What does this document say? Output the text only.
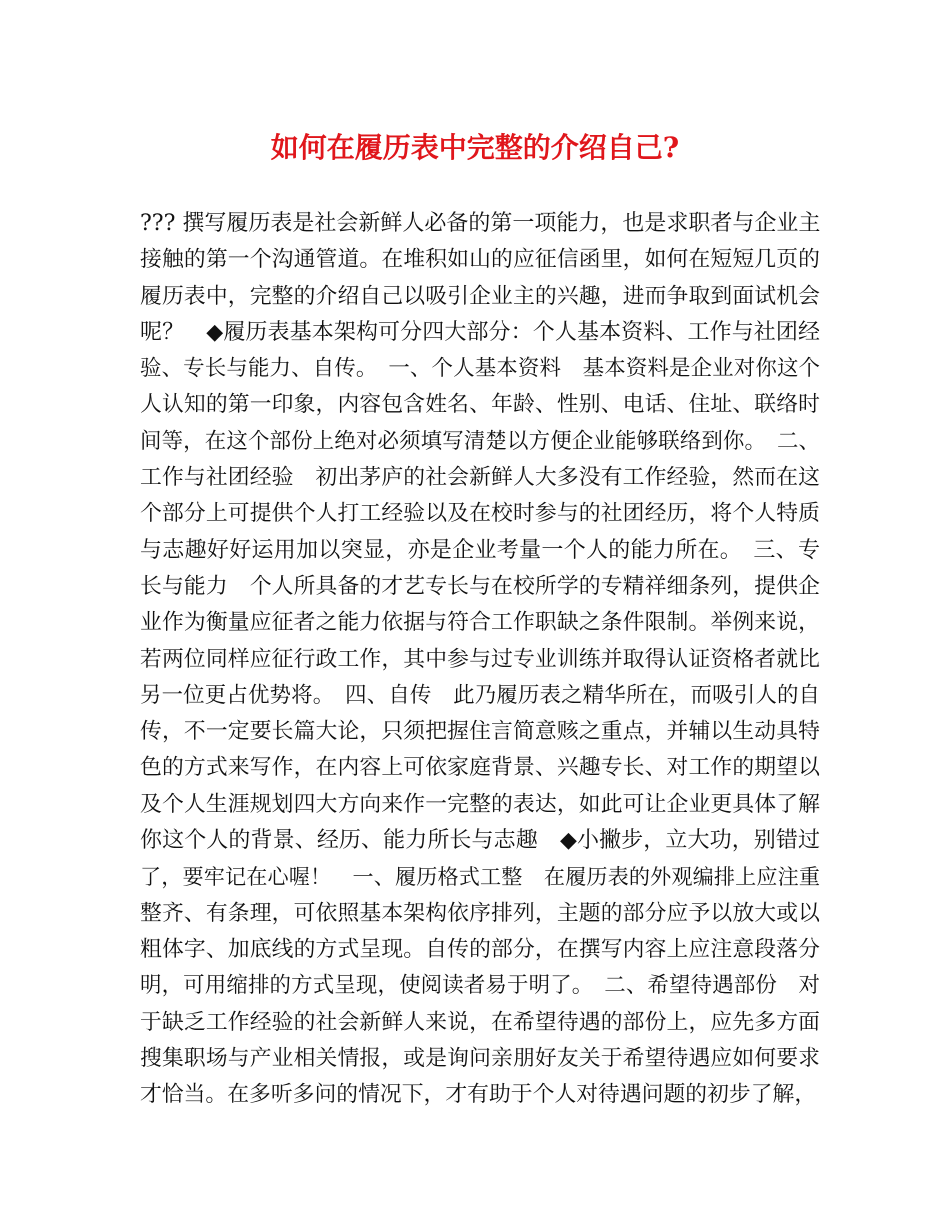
如何在履历表中完整的介绍自己?
??? 撰写履历表是社会新鲜人必备的第一项能力，也是求职者与企业主
接触的第一个沟通管道。在堆积如山的应征信函里，如何在短短几页的
履历表中，完整的介绍自己以吸引企业主的兴趣，进而争取到面试机会
呢？　◆履历表基本架构可分四大部分：个人基本资料、工作与社团经
验、专长与能力、自传。　一、个人基本资料　基本资料是企业对你这个
人认知的第一印象，内容包含姓名、年龄、性别、电话、住址、联络时
间等，在这个部份上绝对必须填写清楚以方便企业能够联络到你。　二、
工作与社团经验　初出茅庐的社会新鲜人大多没有工作经验，然而在这
个部分上可提供个人打工经验以及在校时参与的社团经历，将个人特质
与志趣好好运用加以突显，亦是企业考量一个人的能力所在。　三、专
长与能力　个人所具备的才艺专长与在校所学的专精祥细条列，提供企
业作为衡量应征者之能力依据与符合工作职缺之条件限制。举例来说，
若两位同样应征行政工作，其中参与过专业训练并取得认证资格者就比
另一位更占优势将。　四、自传　此乃履历表之精华所在，而吸引人的自
传，不一定要长篇大论，只须把握住言简意赅之重点，并辅以生动具特
色的方式来写作，在内容上可依家庭背景、兴趣专长、对工作的期望以
及个人生涯规划四大方向来作一完整的表达，如此可让企业更具体了解
你这个人的背景、经历、能力所长与志趣　◆小撇步，立大功，别错过
了，要牢记在心喔！　一、履历格式工整　在履历表的外观编排上应注重
整齐、有条理，可依照基本架构依序排列，主题的部分应予以放大或以
粗体字、加底线的方式呈现。自传的部分，在撰写内容上应注意段落分
明，可用缩排的方式呈现，使阅读者易于明了。　二、希望待遇部份　对
于缺乏工作经验的社会新鲜人来说，在希望待遇的部份上，应先多方面
搜集职场与产业相关情报，或是询问亲朋好友关于希望待遇应如何要求
才恰当。在多听多问的情况下，才有助于个人对待遇问题的初步了解，
